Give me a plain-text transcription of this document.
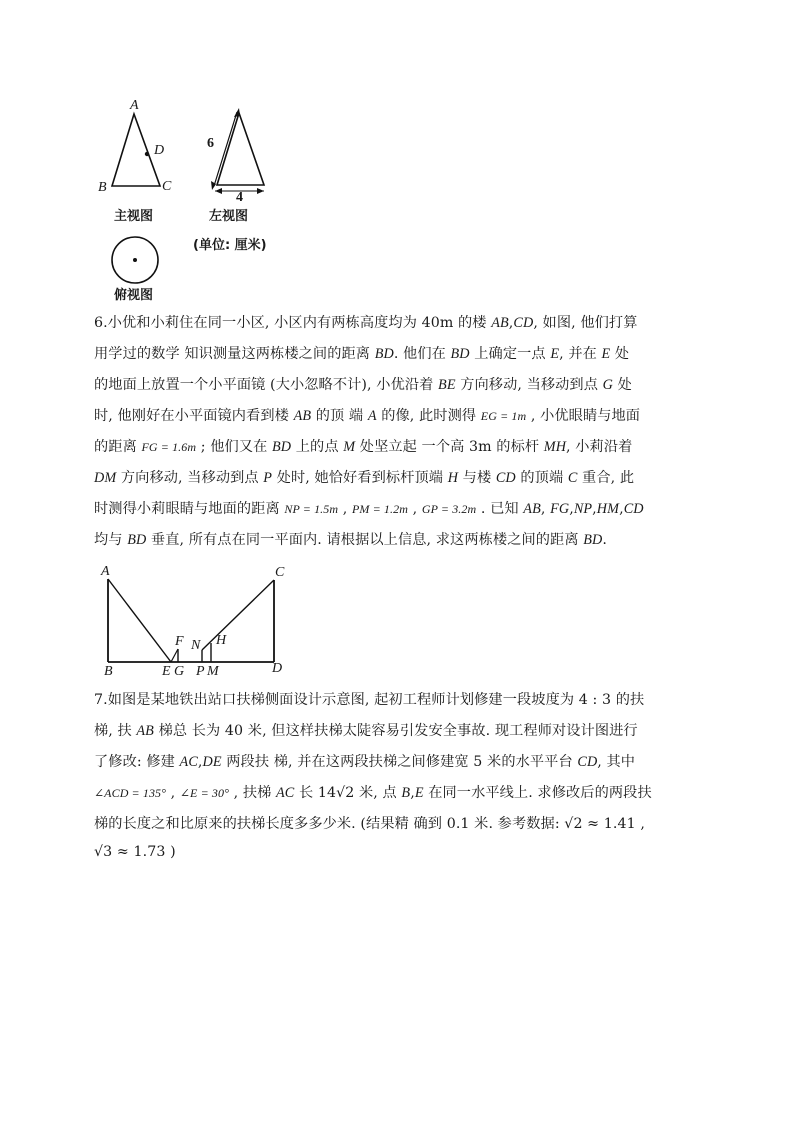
A
D
B	C
主视图
6
4
左视图
(单位: 厘米)
俯视图
6.小优和小莉住在同一小区, 小区内有两栋高度均为 40m 的楼 AB,CD, 如图, 他们打算
用学过的数学 知识测量这两栋楼之间的距离 BD. 他们在 BD 上确定一点 E, 并在 E 处
的地面上放置一个小平面镜 (大小忽略不计), 小优沿着 BE 方向移动, 当移动到点 G 处
时, 他刚好在小平面镜内看到楼 AB 的顶 端 A 的像, 此时测得 EG = 1m , 小优眼睛与地面
的距离 FG = 1.6m ; 他们又在 BD 上的点 M 处坚立起 一个高 3m 的标杆 MH, 小莉沿着
DM 方向移动, 当移动到点 P 处时, 她恰好看到标杆顶端 H 与楼 CD 的顶端 C 重合, 此
时测得小莉眼睛与地面的距离 NP = 1.5m , PM = 1.2m , GP = 3.2m . 已知 AB, FG,NP,HM,CD
均与 BD 垂直, 所有点在同一平面内. 请根据以上信息, 求这两栋楼之间的距离 BD.
A
B
C
D
E
F
G
N H
P M
7.如图是某地铁出站口扶梯侧面设计示意图, 起初工程师计划修建一段坡度为 4 : 3 的扶
梯, 扶 AB 梯总 长为 40 米, 但这样扶梯太陡容易引发安全事故. 现工程师对设计图进行
了修改: 修建 AC,DE 两段扶 梯, 并在这两段扶梯之间修建宽 5 米的水平平台 CD, 其中
∠ACD = 135° , ∠E = 30° , 扶梯 AC 长 14√2 米, 点 B,E 在同一水平线上. 求修改后的两段扶
梯的长度之和比原来的扶梯长度多多少米. (结果精 确到 0.1 米. 参考数据: √2 ≈ 1.41 ,
√3 ≈ 1.73 )
